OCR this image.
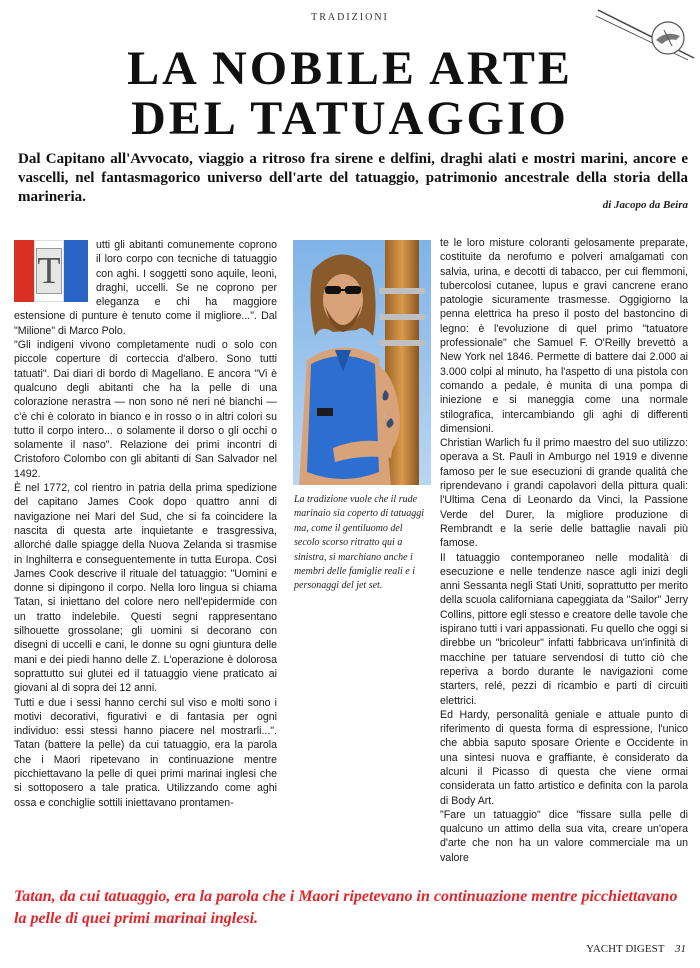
TRADIZIONI
LA NOBILE ARTE
DEL TATUAGGIO
Dal Capitano all'Avvocato, viaggio a ritroso fra sirene e delfini, draghi alati e mostri marini, ancore e vascelli, nel fantasmagorico universo dell'arte del tatuaggio, patrimonio ancestrale della storia della marineria.	di Jacopo da Beira
T

utti gli abitanti comunemente coprono il loro corpo con tecniche di tatuaggio con aghi. I soggetti sono aquile, leoni, draghi, uccelli. Se ne coprono per eleganza e chi ha maggiore estensione di punture è tenuto come il migliore...". Dal "Milione" di Marco Polo.

"Gli indigeni vivono completamente nudi o solo con piccole coperture di corteccia d'albero. Sono tutti tatuati". Dai diari di bordo di Magellano. E ancora "Vi è qualcuno degli abitanti che ha la pelle di una colorazione nerastra — non sono né neri né bianchi — c'è chi è colorato in bianco e in rosso o in altri colori su tutto il corpo intero... o solamente il dorso o gli occhi o solamente il naso". Relazione dei primi incontri di Cristoforo Colombo con gli abitanti di San Salvador nel 1492.

È nel 1772, col rientro in patria della prima spedizione del capitano James Cook dopo quattro anni di navigazione nei Mari del Sud, che si fa coincidere la nascita di questa arte inquietante e trasgressiva, allorché dalle spiagge della Nuova Zelanda si trasmise in Inghilterra e conseguentemente in tutta Europa. Così James Cook descrive il rituale del tatuaggio: "Uomini e donne si dipingono il corpo. Nella loro lingua si chiama Tatan, si iniettano del colore nero nell'epidermide con un tratto indelebile. Questi segni rappresentano silhouette grossolane; gli uomini si decorano con disegni di uccelli e cani, le donne su ogni giuntura delle mani e dei piedi hanno delle Z. L'operazione è dolorosa soprattutto sui glutei ed il tatuaggio viene praticato ai giovani al di sopra dei 12 anni.

Tutti e due i sessi hanno cerchi sul viso e molti sono i motivi decorativi, figurativi e di fantasia per ogni individuo: essi stessi hanno piacere nel mostrarli...". Tatan (battere la pelle) da cui tatuaggio, era la parola che i Maori ripetevano in continuazione mentre picchiettavano la pelle di quei primi marinai inglesi che si sottoposero a tale pratica. Utilizzando come aghi ossa e conchiglie sottili iniettavano prontamen-

La tradizione vuole che il rude marinaio sia coperto di tatuaggi ma, come il gentiluomo del secolo scorso ritratto qui a sinistra, si marchiano anche i membri delle famiglie reali e i personaggi del jet set.

te le loro misture coloranti gelosamente preparate, costituite da nerofumo e polveri amalgamati con salvia, urina, e decotti di tabacco, per cui flemmoni, tubercolosi cutanee, lupus e gravi cancrene erano patologie sicuramente trasmesse. Oggigiorno la penna elettrica ha preso il posto del bastoncino di legno: è l'evoluzione di quel primo "tatuatore professionale" che Samuel F. O'Reilly brevettò a New York nel 1846. Permette di battere dai 2.000 ai 3.000 colpi al minuto, ha l'aspetto di una pistola con comando a pedale, è munita di una pompa di iniezione e si maneggia come una normale stilografica, intercambiando gli aghi di differenti dimensioni.

Christian Warlich fu il primo maestro del suo utilizzo: operava a St. Pauli in Amburgo nel 1919 e divenne famoso per le sue esecuzioni di grande qualità che riprendevano i grandi capolavori della pittura quali: l'Ultima Cena di Leonardo da Vinci, la Passione Verde del Durer, la migliore produzione di Rembrandt e la serie delle battaglie navali più famose.

Il tatuaggio contemporaneo nelle modalità di esecuzione e nelle tendenze nasce agli inizi degli anni Sessanta negli Stati Uniti, soprattutto per merito della scuola californiana capeggiata da "Sailor" Jerry Collins, pittore egli stesso e creatore delle tavole che ispirano tutti i vari appassionati. Fu quello che oggi si direbbe un "bricoleur" infatti fabbricava un'infinità di macchine per tatuare servendosi di tutto ciò che reperiva a bordo durante le navigazioni come starters, relé, pezzi di ricambio e parti di circuiti elettrici.

Ed Hardy, personalità geniale e attuale punto di riferimento di questa forma di espressione, l'unico che abbia saputo sposare Oriente e Occidente in una sintesi nuova e graffiante, è considerato da alcuni il Picasso di questa che viene ormai considerata un fatto artistico e definita con la parola di Body Art.

"Fare un tatuaggio" dice "fissare sulla pelle di qualcuno un attimo della sua vita, creare un'opera d'arte che non ha un valore commerciale ma un valore

Tatan, da cui tatuaggio, era la parola che i Maori ripetevano in continuazione mentre picchiettavano la pelle di quei primi marinai inglesi.
YACHT DIGEST 31
